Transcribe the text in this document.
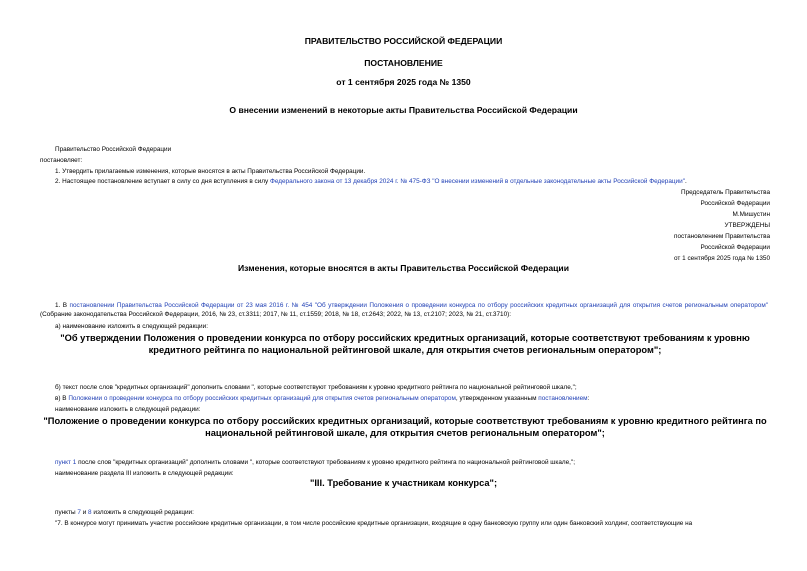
ПРАВИТЕЛЬСТВО РОССИЙСКОЙ ФЕДЕРАЦИИ
ПОСТАНОВЛЕНИЕ
от 1 сентября 2025 года № 1350
О внесении изменений в некоторые акты Правительства Российской Федерации
Правительство Российской Федерации
постановляет:
1. Утвердить прилагаемые изменения, которые вносятся в акты Правительства Российской Федерации.
2. Настоящее постановление вступает в силу со дня вступления в силу Федерального закона от 13 декабря 2024 г. № 475-ФЗ "О внесении изменений в отдельные законодательные акты Российской Федерации".
Председатель Правительства
Российской Федерации
М.Мишустин
УТВЕРЖДЕНЫ
постановлением Правительства
Российской Федерации
от 1 сентября 2025 года № 1350
Изменения, которые вносятся в акты Правительства Российской Федерации
1. В постановлении Правительства Российской Федерации от 23 мая 2016 г. № 454 "Об утверждении Положения о проведении конкурса по отбору российских кредитных организаций для открытия счетов региональным оператором" (Собрание законодательства Российской Федерации, 2016, № 23, ст.3311; 2017, № 11, ст.1559; 2018, № 18, ст.2643; 2022, № 13, ст.2107; 2023, № 21, ст.3710):
а) наименование изложить в следующей редакции:
"Об утверждении Положения о проведении конкурса по отбору российских кредитных организаций, которые соответствуют требованиям к уровню кредитного рейтинга по национальной рейтинговой шкале, для открытия счетов региональным оператором";
б) текст после слов "кредитных организаций" дополнить словами ", которые соответствуют требованиям к уровню кредитного рейтинга по национальной рейтинговой шкале,";
в) В Положении о проведении конкурса по отбору российских кредитных организаций для открытия счетов региональным оператором, утвержденном указанным постановлением:
наименование изложить в следующей редакции:
"Положение о проведении конкурса по отбору российских кредитных организаций, которые соответствуют требованиям к уровню кредитного рейтинга по национальной рейтинговой шкале, для открытия счетов региональным оператором";
пункт 1 после слов "кредитных организаций" дополнить словами ", которые соответствуют требованиям к уровню кредитного рейтинга по национальной рейтинговой шкале,";
наименование раздела III изложить в следующей редакции:
"III. Требование к участникам конкурса";
пункты 7 и 8 изложить в следующей редакции:
"7. В конкурсе могут принимать участие российские кредитные организации, в том числе российские кредитные организации, входящие в одну банковскую группу или один банковский холдинг, соответствующие на
